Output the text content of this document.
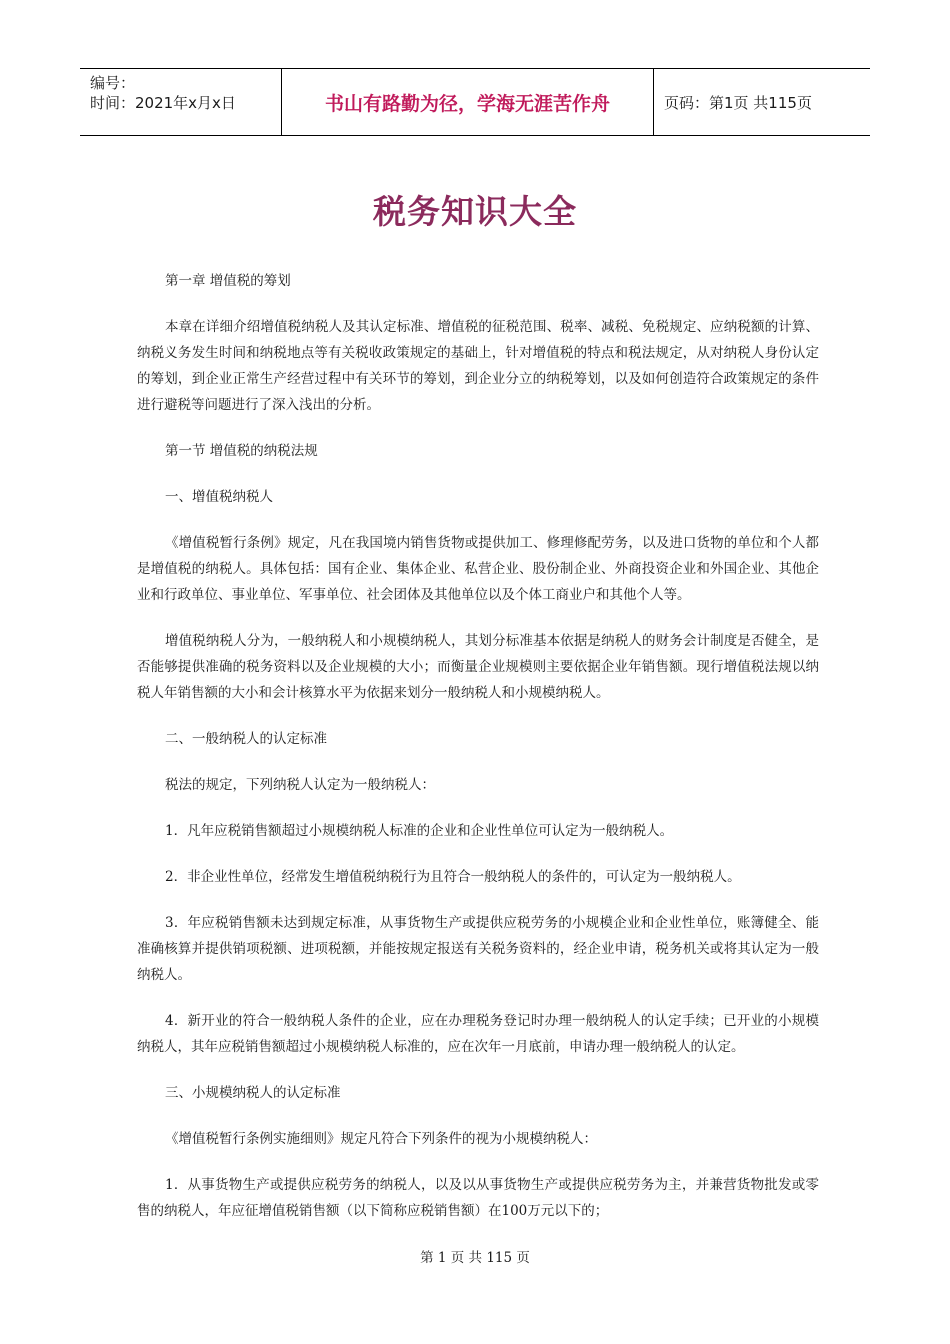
编号：
时间：2021年x月x日	书山有路勤为径，学海无涯苦作舟	页码：第1页 共115页
税务知识大全

第一章 增值税的筹划

本章在详细介绍增值税纳税人及其认定标准、增值税的征税范围、税率、减税、免税规定、应纳税额的计算、纳税义务发生时间和纳税地点等有关税收政策规定的基础上，针对增值税的特点和税法规定，从对纳税人身份认定的筹划，到企业正常生产经营过程中有关环节的筹划，到企业分立的纳税筹划，以及如何创造符合政策规定的条件进行避税等问题进行了深入浅出的分析。

第一节 增值税的纳税法规

一、增值税纳税人

《增值税暂行条例》规定，凡在我国境内销售货物或提供加工、修理修配劳务，以及进口货物的单位和个人都是增值税的纳税人。具体包括：国有企业、集体企业、私营企业、股份制企业、外商投资企业和外国企业、其他企业和行政单位、事业单位、军事单位、社会团体及其他单位以及个体工商业户和其他个人等。

增值税纳税人分为，一般纳税人和小规模纳税人，其划分标准基本依据是纳税人的财务会计制度是否健全，是否能够提供准确的税务资料以及企业规模的大小；而衡量企业规模则主要依据企业年销售额。现行增值税法规以纳税人年销售额的大小和会计核算水平为依据来划分一般纳税人和小规模纳税人。

二、一般纳税人的认定标准

税法的规定，下列纳税人认定为一般纳税人：

1．凡年应税销售额超过小规模纳税人标准的企业和企业性单位可认定为一般纳税人。

2．非企业性单位，经常发生增值税纳税行为且符合一般纳税人的条件的，可认定为一般纳税人。

3．年应税销售额未达到规定标准，从事货物生产或提供应税劳务的小规模企业和企业性单位，账簿健全、能准确核算并提供销项税额、进项税额，并能按规定报送有关税务资料的，经企业申请，税务机关或将其认定为一般纳税人。

4．新开业的符合一般纳税人条件的企业，应在办理税务登记时办理一般纳税人的认定手续；已开业的小规模纳税人，其年应税销售额超过小规模纳税人标准的，应在次年一月底前，申请办理一般纳税人的认定。

三、小规模纳税人的认定标准

《增值税暂行条例实施细则》规定凡符合下列条件的视为小规模纳税人：

1．从事货物生产或提供应税劳务的纳税人，以及以从事货物生产或提供应税劳务为主，并兼营货物批发或零售的纳税人，年应征增值税销售额（以下简称应税销售额）在100万元以下的；

第 1 页 共 115 页
